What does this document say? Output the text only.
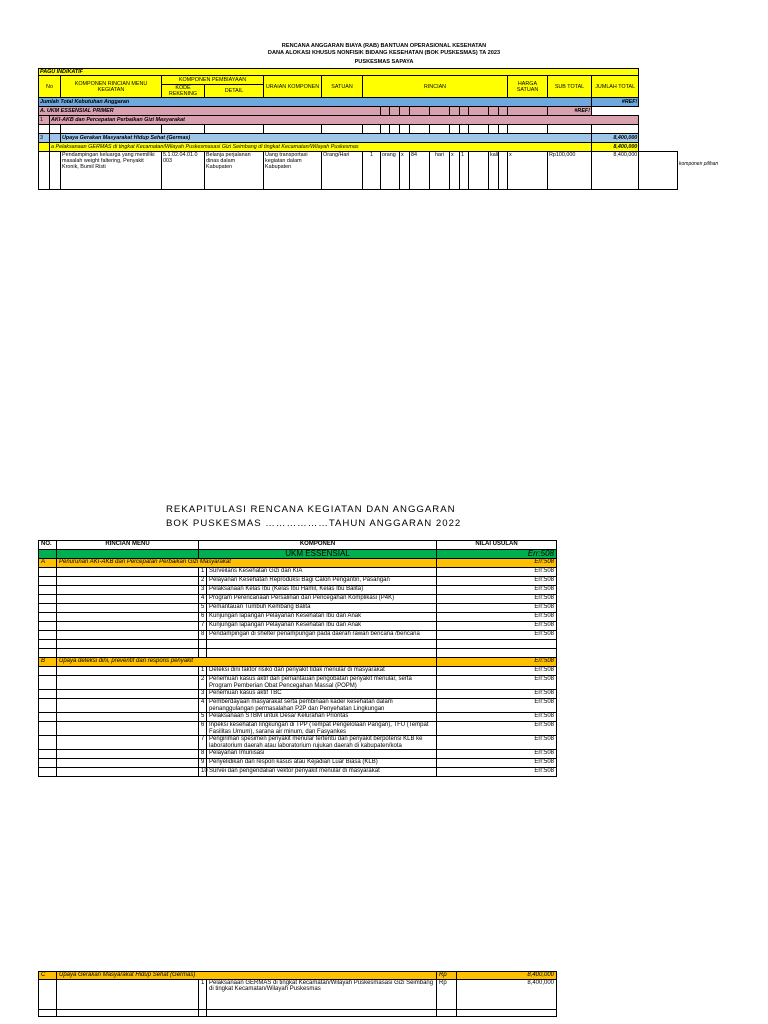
RENCANA ANGGARAN BIAYA (RAB) BANTUAN OPERASIONAL KESEHATAN
DANA ALOKASI KHUSUS NONFISIK BIDANG KESEHATAN (BOK PUSKESMAS) TA 2023
PUSKESMAS SAPAYA
PAGU INDIKATIF																					
No		KOMPONEN RINCIAN MENU KEGIATAN	KOMPONEN PEMBIAYAAN		URAIAN KOMPONEN	SATUAN	RINCIAN											HARGA SATUAN	SUB TOTAL	JUMLAH TOTAL	
			KODE REKENING	DETAIL																	
Jumlah Total Kebutuhan Anggaran																				#REF!	
A. UKM ESSENSIAL PRIMER																			#REF!		
1	AKI-AKB dan Percepatan Perbaikan Gizi Masyarakat																				

3		Upaya Gerakan Masyarakat Hidup Sehat (Germas)																		8,400,000	
	a Pelaksanaan GERMAS di tingkat Kecamatan/Wilayah Puskesmasasi Gizi Seimbang di tingkat Kecamatan/Wilayah Puskesmas																			8,400,000	
		Pendampingan keluarga yang memiliki masalah weight faltering, Penyakit Kronik, Bumil Risti	5.1.02.04.01.0 003	Belanja perjalanan dinas dalam Kabupaten	Uang transportasi kegiatan dalam Kabupaten	Orang/Hari	1	orang		x	84	hari	x	1		kali		x	Rp100,000	8,400,000	
komponen pilihan
REKAPITULASI RENCANA KEGIATAN DAN ANGGARAN
BOK PUSKESMAS ………………TAHUN ANGGARAN 2022
NO.	RINCIAN MENU	KOMPONEN		NILAI USULAN
		UKM ESSENSIAL		Err:508
A	Penurunan AKI-AKB dan Percepatan Perbaikan Gizi Masyarakat			Err:508
		1	Surveilans Kesehatan Gizi dan KIA	Err:508
		2	Pelayanan Kesehatan Reproduksi Bagi Calon Pengantin, Pasangan	Err:508
		3	Pelaksanaan Kelas Ibu (Kelas Ibu Hamil, Kelas Ibu Balita)	Err:508
		4	Program Perencanaan Persalinan dan Pencegahan Komplikasi (P4K)	Err:508
		5	Pemantauan Tumbuh Kembang Balita	Err:508
		6	Kunjungan lapangan Pelayanan Kesehatan Ibu dan Anak	Err:508
		7	Kunjungan lapangan Pelayanan Kesehatan Ibu dan Anak	Err:508
		8	Pendampingan di shelter penampungan pada daerah rawan bencana /bencana	Err:508

B	Upaya deteksi dini, preventif dan respons penyakit			Err:508
		1	Deteksi dini faktor risiko dan penyakit tidak menular di masyarakat	Err:508
		2	Penemuan kasus aktif dan pemantauan pengobatan penyakit menular, serta Program Pemberian Obat Pencegahan Massal (POPM)	Err:508
		3	Penemuan kasus aktif TBC	Err:508
		4	Pemberdayaan masyarakat serta pembinaan kader kesehatan dalam penanggulangan permasalahan P2P dan Penyehatan Lingkungan	Err:508
		5	Pelaksanaan STBM untuk Desa/ Kelurahan Prioritas	Err:508
		6	Inpeksi kesehatan lingkungan di TPP (Tempat Pengelolaan Pangan), TFU (Tempat Fasilitas Umum), sarana air minum, dan Fasyankes	Err:508
		7	Pengiriman spesimen penyakit menular tertentu dan penyakit berpotensi KLB ke laboratorium daerah atau laboratorium rujukan daerah di kabupaten/kota	Err:508
		8	Pelayanan Imunisasi	Err:508
		9	Penyelidikan dan respon kasus atau Kejadian Luar Biasa (KLB)	Err:508
		10	Survei dan pengendalian vektor penyakit menular di masyarakat	Err:508
C	Upaya Gerakan Masyarakat Hidup Sehat (Germas)			Rp	8,400,000
		1	Pelaksanaan GERMAS di tingkat Kecamatan/Wilayah Puskesmasasi Gizi Seimbang di tingkat Kecamatan/Wilayah Puskesmas	Rp	8,400,000
